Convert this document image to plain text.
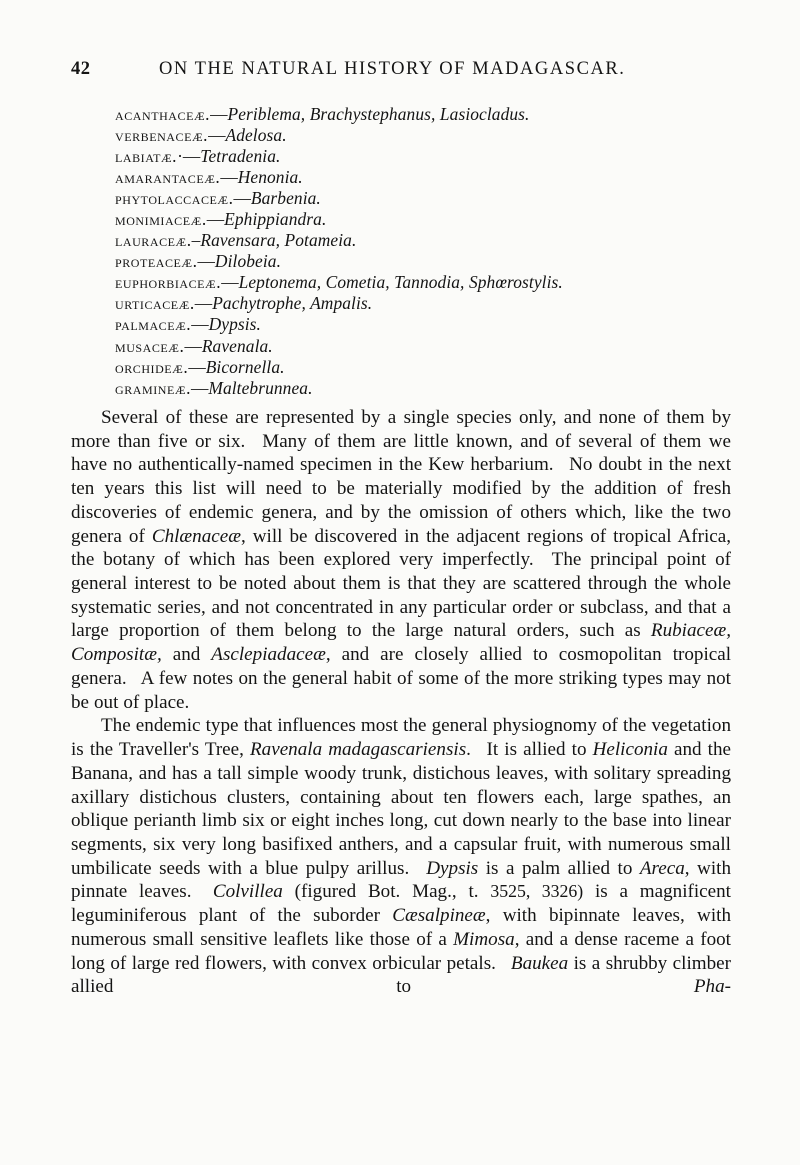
42	ON THE NATURAL HISTORY OF MADAGASCAR.
acanthaceæ.—Periblema, Brachystephanus, Lasiocladus.
verbenaceæ.—Adelosa.
labiatæ.·—Tetradenia.
amarantaceæ.—Henonia.
phytolaccaceæ.—Barbenia.
monimiaceæ.—Ephippiandra.
lauraceæ.–Ravensara, Potameia.
proteaceæ.—Dilobeia.
euphorbiaceæ.—Leptonema, Cometia, Tannodia, Sphœrostylis.
urticaceæ.—Pachytrophe, Ampalis.
palmaceæ.—Dypsis.
musaceæ.—Ravenala.
orchideæ.—Bicornella.
gramineæ.—Maltebrunnea.

Several of these are represented by a single species only, and none of them by more than five or six.  Many of them are little known, and of several of them we have no authentically-named specimen in the Kew herbarium.  No doubt in the next ten years this list will need to be materially modified by the addition of fresh discoveries of endemic genera, and by the omission of others which, like the two genera of Chlænaceæ, will be discovered in the adjacent regions of tropical Africa, the botany of which has been explored very imperfectly.  The principal point of general interest to be noted about them is that they are scattered through the whole systematic series, and not concentrated in any particular order or subclass, and that a large proportion of them belong to the large natural orders, such as Rubiaceæ, Compositæ, and Asclepiadaceæ, and are closely allied to cosmopolitan tropical genera.  A few notes on the general habit of some of the more striking types may not be out of place.

The endemic type that influences most the general physiognomy of the vegetation is the Traveller's Tree, Ravenala madagascariensis.  It is allied to Heliconia and the Banana, and has a tall simple woody trunk, distichous leaves, with solitary spreading axillary distichous clusters, containing about ten flowers each, large spathes, an oblique perianth limb six or eight inches long, cut down nearly to the base into linear segments, six very long basifixed anthers, and a capsular fruit, with numerous small umbilicate seeds with a blue pulpy arillus.  Dypsis is a palm allied to Areca, with pinnate leaves.  Colvillea (figured Bot. Mag., t. 3525, 3326) is a magnificent leguminiferous plant of the suborder Cæsalpineæ, with bipinnate leaves, with numerous small sensitive leaflets like those of a Mimosa, and a dense raceme a foot long of large red flowers, with convex orbicular petals.  Baukea is a shrubby climber allied to Pha-
